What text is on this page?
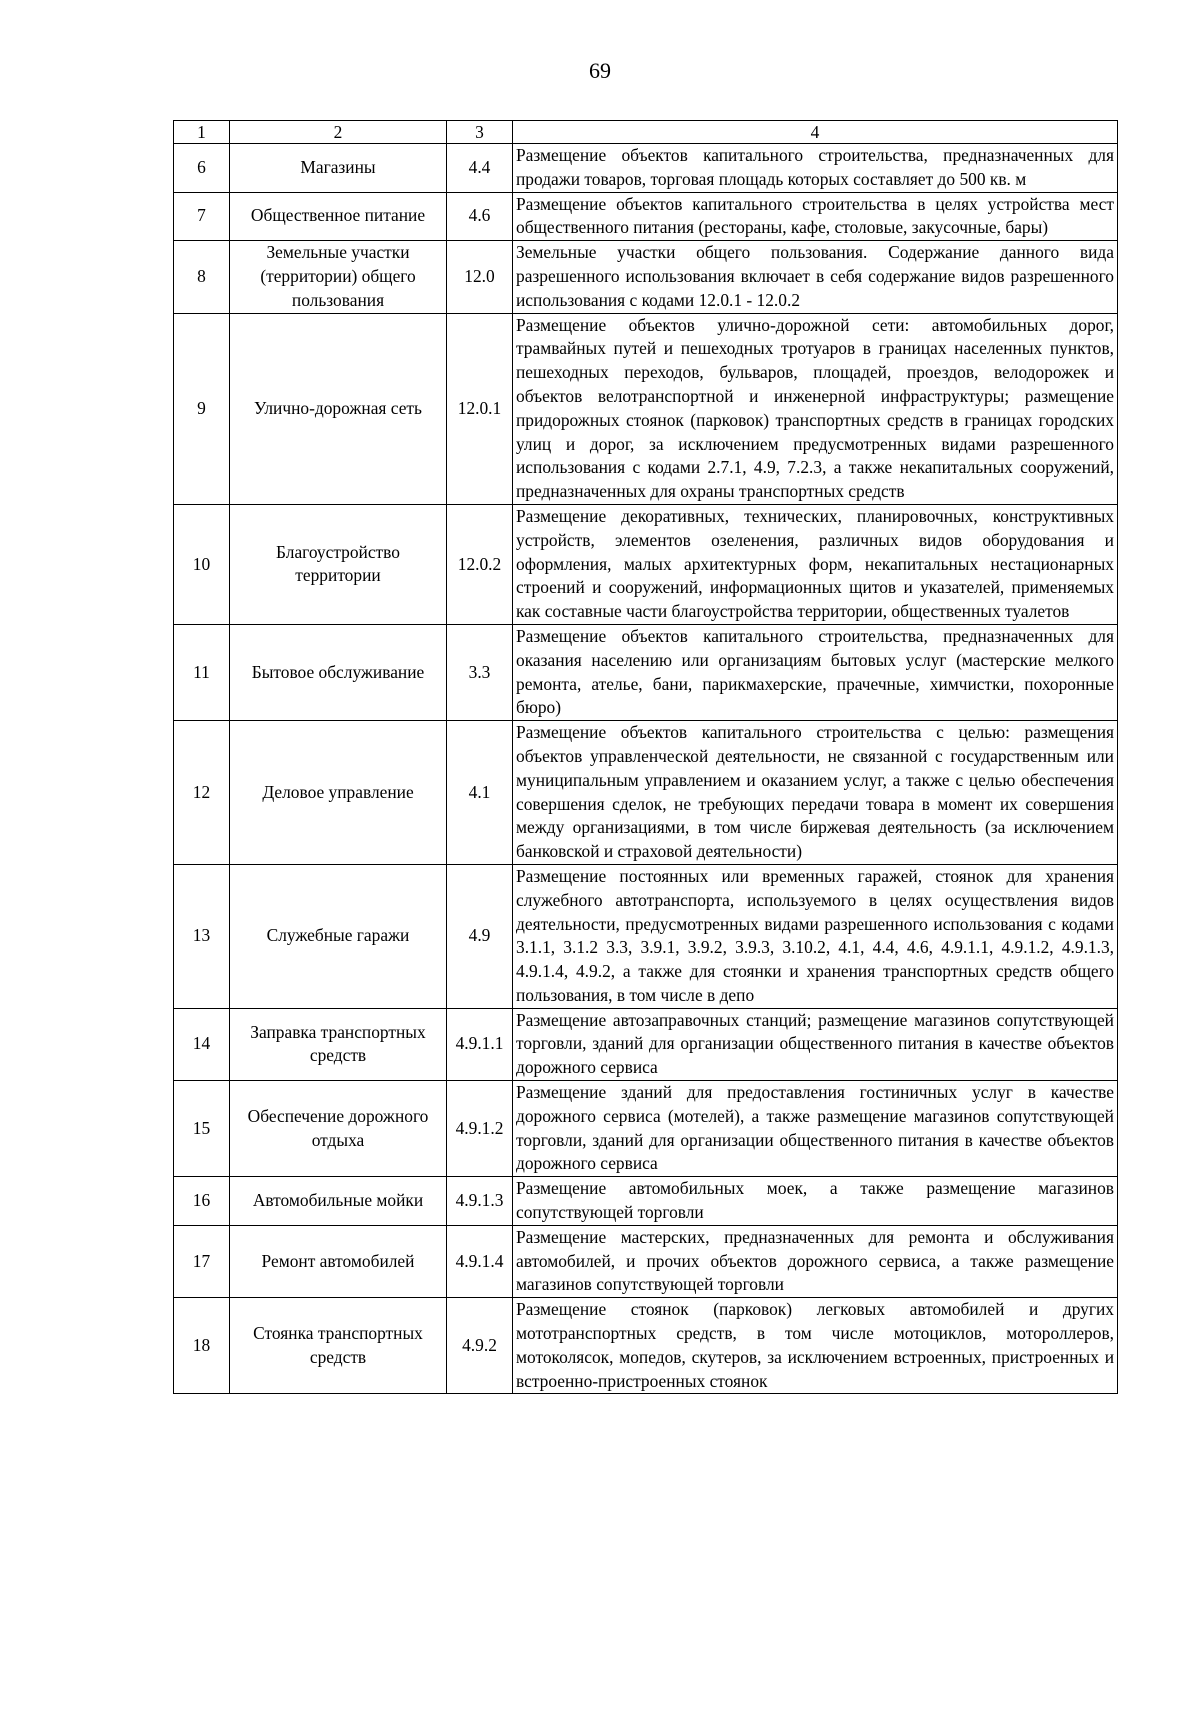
69
1	2	3	4
6	Магазины	4.4	Размещение объектов капитального строительства, предназначенных для продажи товаров, торговая площадь которых составляет до 500 кв. м
7	Общественное питание	4.6	Размещение объектов капитального строительства в целях устройства мест общественного питания (рестораны, кафе, столовые, закусочные, бары)
8	Земельные участки (территории) общего пользования	12.0	Земельные участки общего пользования. Содержание данного вида разрешенного использования включает в себя содержание видов разрешенного использования с кодами 12.0.1 - 12.0.2
9	Улично-дорожная сеть	12.0.1	Размещение объектов улично-дорожной сети: автомобильных дорог, трамвайных путей и пешеходных тротуаров в границах населенных пунктов, пешеходных переходов, бульваров, площадей, проездов, велодорожек и объектов велотранспортной и инженерной инфраструктуры; размещение придорожных стоянок (парковок) транспортных средств в границах городских улиц и дорог, за исключением предусмотренных видами разрешенного использования с кодами 2.7.1, 4.9, 7.2.3, а также некапитальных сооружений, предназначенных для охраны транспортных средств
10	Благоустройство территории	12.0.2	Размещение декоративных, технических, планировочных, конструктивных устройств, элементов озеленения, различных видов оборудования и оформления, малых архитектурных форм, некапитальных нестационарных строений и сооружений, информационных щитов и указателей, применяемых как составные части благоустройства территории, общественных туалетов
11	Бытовое обслуживание	3.3	Размещение объектов капитального строительства, предназначенных для оказания населению или организациям бытовых услуг (мастерские мелкого ремонта, ателье, бани, парикмахерские, прачечные, химчистки, похоронные бюро)
12	Деловое управление	4.1	Размещение объектов капитального строительства с целью: размещения объектов управленческой деятельности, не связанной с государственным или муниципальным управлением и оказанием услуг, а также с целью обеспечения совершения сделок, не требующих передачи товара в момент их совершения между организациями, в том числе биржевая деятельность (за исключением банковской и страховой деятельности)
13	Служебные гаражи	4.9	Размещение постоянных или временных гаражей, стоянок для хранения служебного автотранспорта, используемого в целях осуществления видов деятельности, предусмотренных видами разрешенного использования с кодами 3.1.1, 3.1.2 3.3, 3.9.1, 3.9.2, 3.9.3, 3.10.2, 4.1, 4.4, 4.6, 4.9.1.1, 4.9.1.2, 4.9.1.3, 4.9.1.4, 4.9.2, а также для стоянки и хранения транспортных средств общего пользования, в том числе в депо
14	Заправка транспортных средств	4.9.1.1	Размещение автозаправочных станций; размещение магазинов сопутствующей торговли, зданий для организации общественного питания в качестве объектов дорожного сервиса
15	Обеспечение дорожного отдыха	4.9.1.2	Размещение зданий для предоставления гостиничных услуг в качестве дорожного сервиса (мотелей), а также размещение магазинов сопутствующей торговли, зданий для организации общественного питания в качестве объектов дорожного сервиса
16	Автомобильные мойки	4.9.1.3	Размещение автомобильных моек, а также размещение магазинов сопутствующей торговли
17	Ремонт автомобилей	4.9.1.4	Размещение мастерских, предназначенных для ремонта и обслуживания автомобилей, и прочих объектов дорожного сервиса, а также размещение магазинов сопутствующей торговли
18	Стоянка транспортных средств	4.9.2	Размещение стоянок (парковок) легковых автомобилей и других мототранспортных средств, в том числе мотоциклов, мотороллеров, мотоколясок, мопедов, скутеров, за исключением встроенных, пристроенных и встроенно-пристроенных стоянок
